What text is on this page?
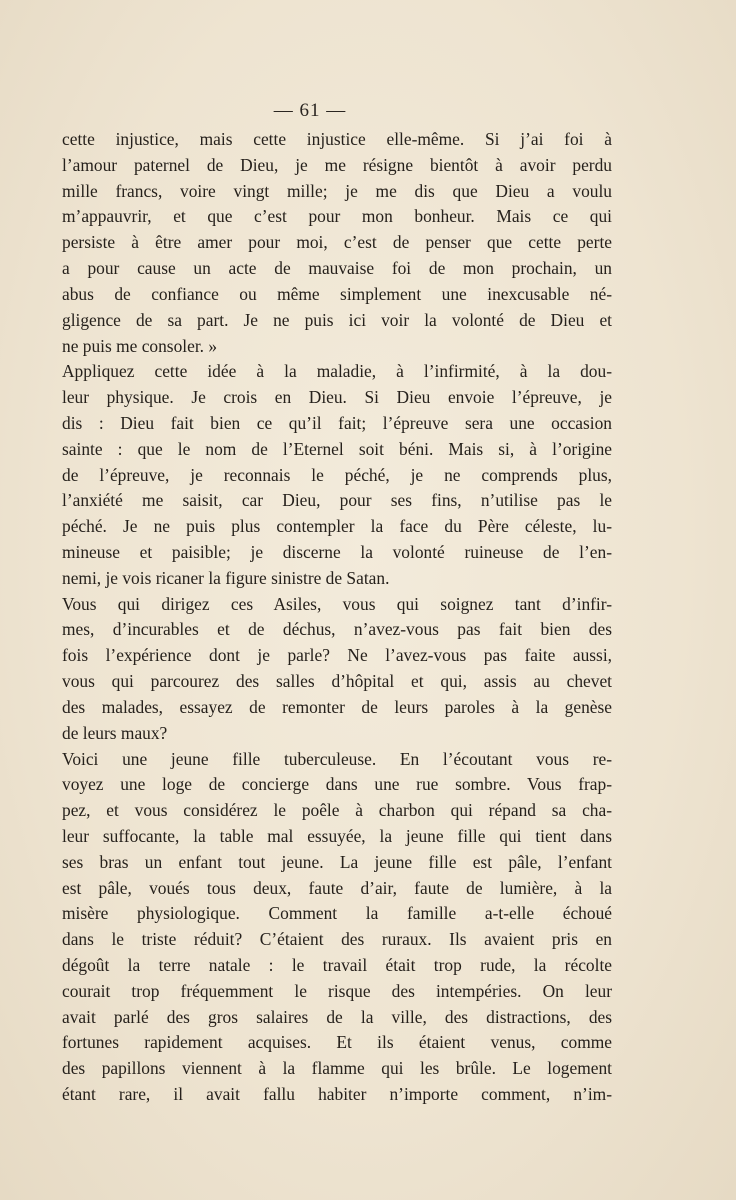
— 61 —
cette injustice, mais cette injustice elle-même. Si j’ai foi à
l’amour paternel de Dieu, je me résigne bientôt à avoir perdu
mille francs, voire vingt mille; je me dis que Dieu a voulu
m’appauvrir, et que c’est pour mon bonheur. Mais ce qui
persiste à être amer pour moi, c’est de penser que cette perte
a pour cause un acte de mauvaise foi de mon prochain, un
abus de confiance ou même simplement une inexcusable né-
gligence de sa part. Je ne puis ici voir la volonté de Dieu et
ne puis me consoler. »
Appliquez cette idée à la maladie, à l’infirmité, à la dou-
leur physique. Je crois en Dieu. Si Dieu envoie l’épreuve, je
dis : Dieu fait bien ce qu’il fait; l’épreuve sera une occasion
sainte : que le nom de l’Eternel soit béni. Mais si, à l’origine
de l’épreuve, je reconnais le péché, je ne comprends plus,
l’anxiété me saisit, car Dieu, pour ses fins, n’utilise pas le
péché. Je ne puis plus contempler la face du Père céleste, lu-
mineuse et paisible; je discerne la volonté ruineuse de l’en-
nemi, je vois ricaner la figure sinistre de Satan.
Vous qui dirigez ces Asiles, vous qui soignez tant d’infir-
mes, d’incurables et de déchus, n’avez-vous pas fait bien des
fois l’expérience dont je parle? Ne l’avez-vous pas faite aussi,
vous qui parcourez des salles d’hôpital et qui, assis au chevet
des malades, essayez de remonter de leurs paroles à la genèse
de leurs maux?
Voici une jeune fille tuberculeuse. En l’écoutant vous re-
voyez une loge de concierge dans une rue sombre. Vous frap-
pez, et vous considérez le poêle à charbon qui répand sa cha-
leur suffocante, la table mal essuyée, la jeune fille qui tient dans
ses bras un enfant tout jeune. La jeune fille est pâle, l’enfant
est pâle, voués tous deux, faute d’air, faute de lumière, à la
misère physiologique. Comment la famille a-t-elle échoué
dans le triste réduit? C’étaient des ruraux. Ils avaient pris en
dégoût la terre natale : le travail était trop rude, la récolte
courait trop fréquemment le risque des intempéries. On leur
avait parlé des gros salaires de la ville, des distractions, des
fortunes rapidement acquises. Et ils étaient venus, comme
des papillons viennent à la flamme qui les brûle. Le logement
étant rare, il avait fallu habiter n’importe comment, n’im-
